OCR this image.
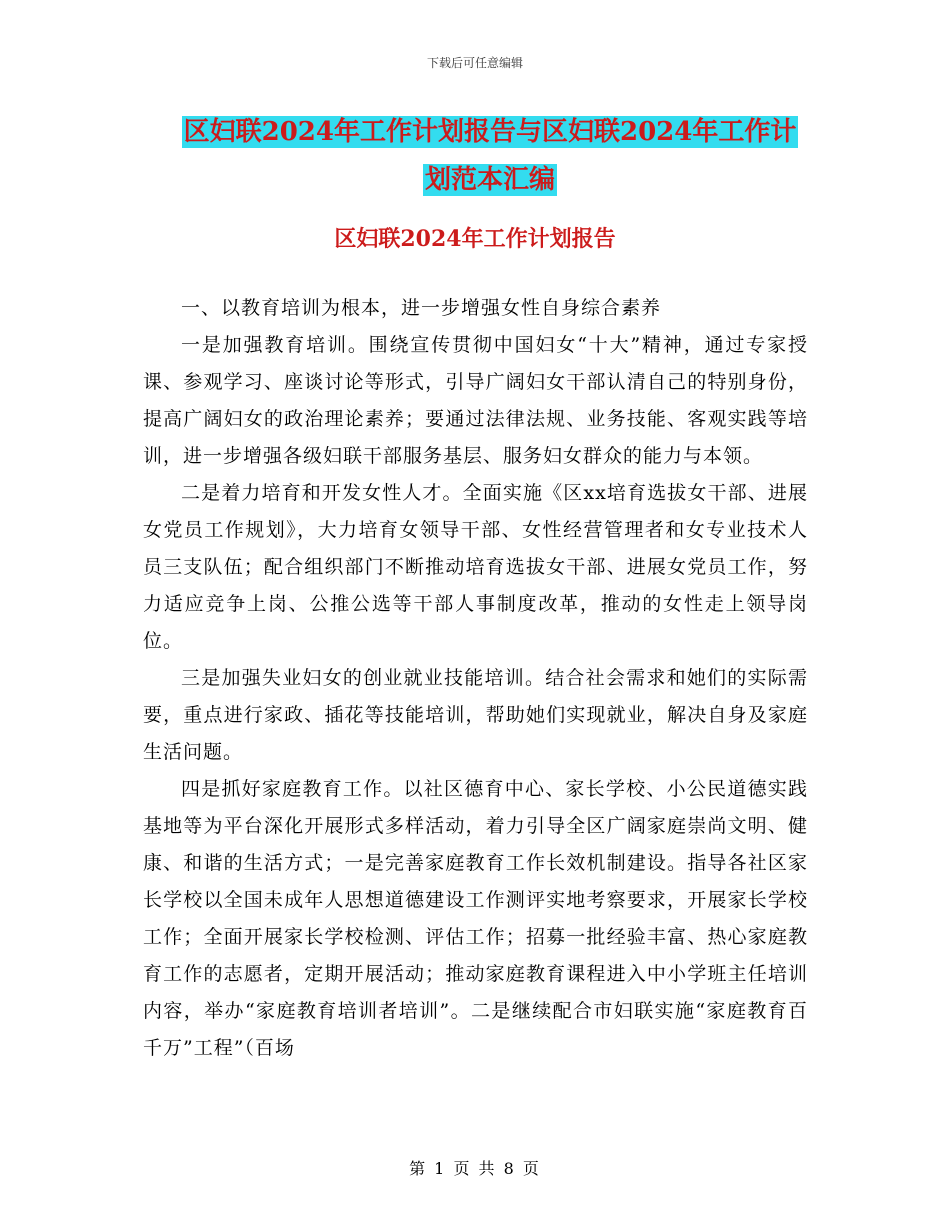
下载后可任意编辑
区妇联2024年工作计划报告与区妇联2024年工作计
划范本汇编
区妇联2024年工作计划报告

一、以教育培训为根本，进一步增强女性自身综合素养

一是加强教育培训。围绕宣传贯彻中国妇女“十大”精神，通过专家授课、参观学习、座谈讨论等形式，引导广阔妇女干部认清自己的特别身份，提高广阔妇女的政治理论素养；要通过法律法规、业务技能、客观实践等培训，进一步增强各级妇联干部服务基层、服务妇女群众的能力与本领。

二是着力培育和开发女性人才。全面实施《区xx培育选拔女干部、进展女党员工作规划》，大力培育女领导干部、女性经营管理者和女专业技术人员三支队伍；配合组织部门不断推动培育选拔女干部、进展女党员工作，努力适应竞争上岗、公推公选等干部人事制度改革，推动的女性走上领导岗位。

三是加强失业妇女的创业就业技能培训。结合社会需求和她们的实际需要，重点进行家政、插花等技能培训，帮助她们实现就业，解决自身及家庭生活问题。

四是抓好家庭教育工作。以社区德育中心、家长学校、小公民道德实践基地等为平台深化开展形式多样活动，着力引导全区广阔家庭崇尚文明、健康、和谐的生活方式；一是完善家庭教育工作长效机制建设。指导各社区家长学校以全国未成年人思想道德建设工作测评实地考察要求，开展家长学校工作；全面开展家长学校检测、评估工作；招募一批经验丰富、热心家庭教育工作的志愿者，定期开展活动；推动家庭教育课程进入中小学班主任培训内容，举办“家庭教育培训者培训”。二是继续配合市妇联实施“家庭教育百千万”工程”（百场

第 1 页 共 8 页
